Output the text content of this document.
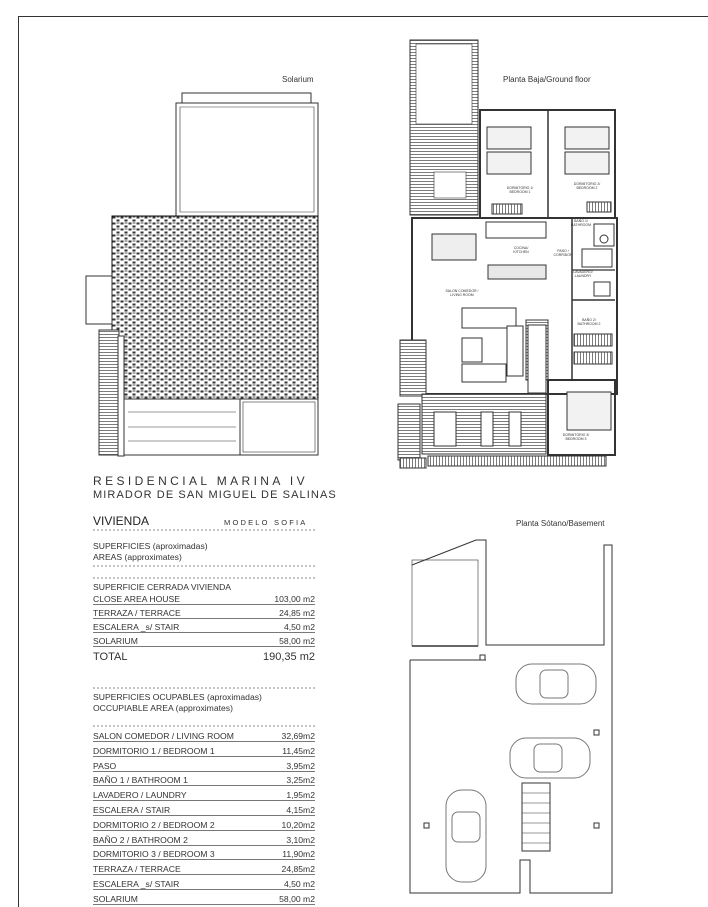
Solarium	Planta Baja/Ground floor
Planta Sótano/Basement
DORMITORIO 1/ BEDROOM 1
DORMITORIO 2/ BEDROOM 2
BAÑO 1/ BATHROOM
COCINA/ KITCHEN	PASO / CORRIDOR
LAVADERO/ LAUNDRY
SALON COMEDOR / LIVING ROOM
BAÑO 2/ BATHROOM 2
DORMITORIO 3/ BEDROOM 3
RESIDENCIAL MARINA IV
MIRADOR DE SAN MIGUEL DE SALINAS
VIVIENDA	MODELO SOFIA
SUPERFICIES (aproximadas)
AREAS (approximates)
SUPERFICIE CERRADA VIVIENDA
CLOSE AREA HOUSE	103,00 m2
TERRAZA / TERRACE	24,85 m2
ESCALERA _s/ STAIR	4,50 m2
SOLARIUM	58,00 m2
TOTAL	190,35 m2
SUPERFICIES OCUPABLES (aproximadas)
OCCUPIABLE AREA (approximates)
SALON COMEDOR / LIVING ROOM	32,69m2
DORMITORIO 1 / BEDROOM 1	11,45m2
PASO	3,95m2
BAÑO 1 / BATHROOM 1	3,25m2
LAVADERO / LAUNDRY	1,95m2
ESCALERA / STAIR	4,15m2
DORMITORIO 2 / BEDROOM 2	10,20m2
BAÑO 2 / BATHROOM 2	3,10m2
DORMITORIO 3 / BEDROOM 3	11,90m2
TERRAZA / TERRACE	24,85m2
ESCALERA _s/ STAIR	4,50 m2
SOLARIUM	58,00 m2
